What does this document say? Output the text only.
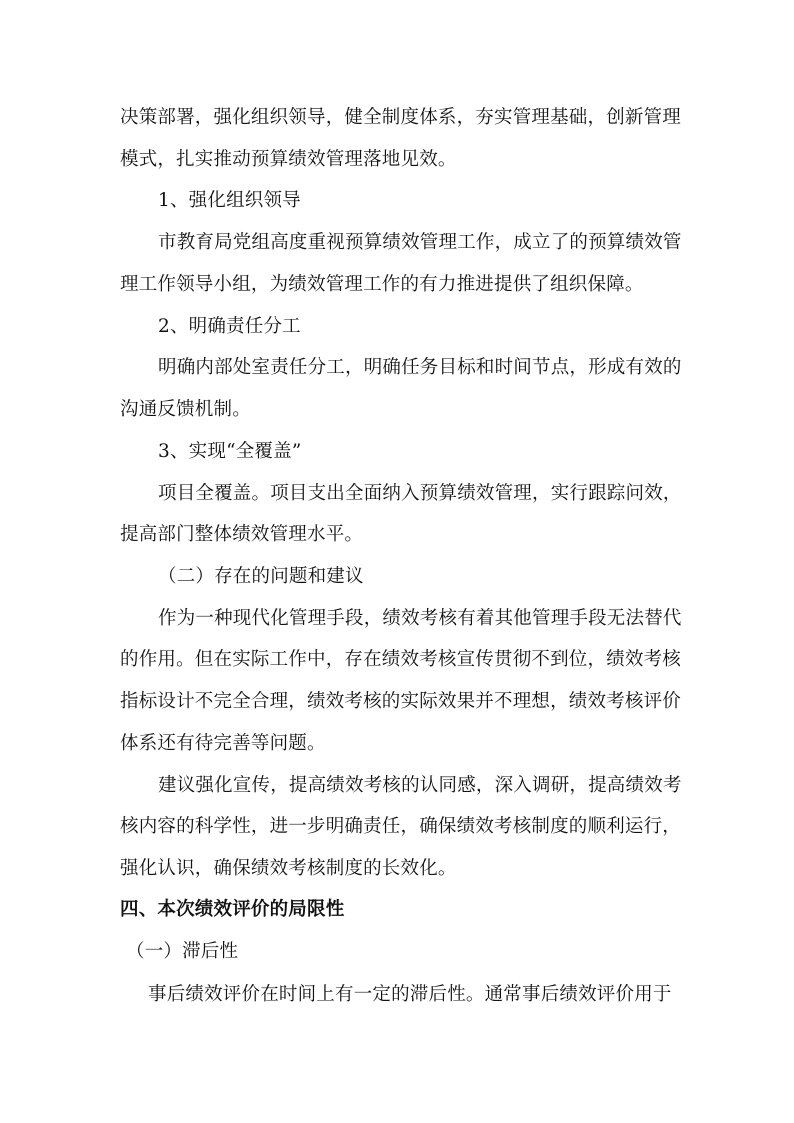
决策部署，强化组织领导，健全制度体系，夯实管理基础，创新管理
模式，扎实推动预算绩效管理落地见效。
1、强化组织领导
市教育局党组高度重视预算绩效管理工作，成立了的预算绩效管
理工作领导小组，为绩效管理工作的有力推进提供了组织保障。
2、明确责任分工
明确内部处室责任分工，明确任务目标和时间节点，形成有效的
沟通反馈机制。
3、实现“全覆盖”
项目全覆盖。项目支出全面纳入预算绩效管理，实行跟踪问效，
提高部门整体绩效管理水平。
（二）存在的问题和建议
作为一种现代化管理手段，绩效考核有着其他管理手段无法替代
的作用。但在实际工作中，存在绩效考核宣传贯彻不到位，绩效考核
指标设计不完全合理，绩效考核的实际效果并不理想，绩效考核评价
体系还有待完善等问题。
建议强化宣传，提高绩效考核的认同感，深入调研，提高绩效考
核内容的科学性，进一步明确责任，确保绩效考核制度的顺利运行，
强化认识，确保绩效考核制度的长效化。
四、本次绩效评价的局限性
（一）滞后性
事后绩效评价在时间上有一定的滞后性。通常事后绩效评价用于
